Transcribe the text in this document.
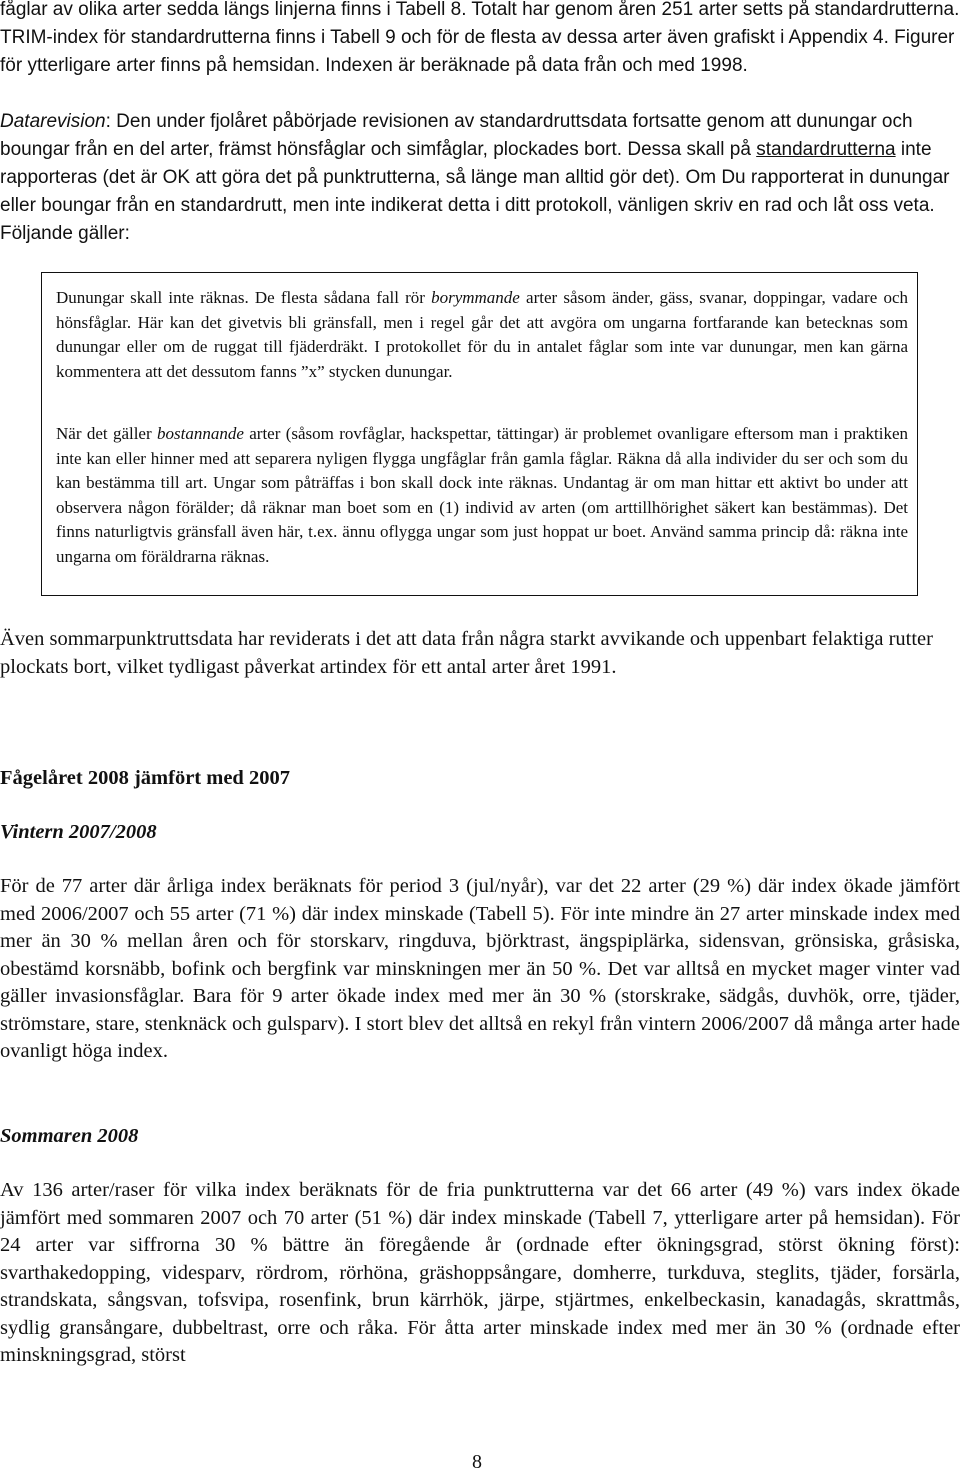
fåglar av olika arter sedda längs linjerna finns i Tabell 8. Totalt har genom åren 251 arter setts på standardrutterna. TRIM-index för standardrutterna finns i Tabell 9 och för de flesta av dessa arter även grafiskt i Appendix 4. Figurer för ytterligare arter finns på hemsidan. Indexen är beräknade på data från och med 1998.

Datarevision: Den under fjolåret påbörjade revisionen av standardruttsdata fortsatte genom att dunungar och boungar från en del arter, främst hönsfåglar och simfåglar, plockades bort. Dessa skall på standardrutterna inte rapporteras (det är OK att göra det på punktrutterna, så länge man alltid gör det). Om Du rapporterat in dunungar eller boungar från en standardrutt, men inte indikerat detta i ditt protokoll, vänligen skriv en rad och låt oss veta. Följande gäller:

Dunungar skall inte räknas. De flesta sådana fall rör borymmande arter såsom änder, gäss, svanar, doppingar, vadare och hönsfåglar. Här kan det givetvis bli gränsfall, men i regel går det att avgöra om ungarna fortfarande kan betecknas som dunungar eller om de ruggat till fjäderdräkt. I protokollet för du in antalet fåglar som inte var dunungar, men kan gärna kommentera att det dessutom fanns ”x” stycken dunungar.

När det gäller bostannande arter (såsom rovfåglar, hackspettar, tättingar) är problemet ovanligare eftersom man i praktiken inte kan eller hinner med att separera nyligen flygga ungfåglar från gamla fåglar. Räkna då alla individer du ser och som du kan bestämma till art. Ungar som påträffas i bon skall dock inte räknas. Undantag är om man hittar ett aktivt bo under att observera någon förälder; då räknar man boet som en (1) individ av arten (om arttillhörighet säkert kan bestämmas). Det finns naturligtvis gränsfall även här, t.ex. ännu oflygga ungar som just hoppat ur boet. Använd samma princip då: räkna inte ungarna om föräldrarna räknas.

Även sommarpunktruttsdata har reviderats i det att data från några starkt avvikande och uppenbart felaktiga rutter plockats bort, vilket tydligast påverkat artindex för ett antal arter året 1991.

Fågelåret 2008 jämfört med 2007
Vintern 2007/2008

För de 77 arter där årliga index beräknats för period 3 (jul/nyår), var det 22 arter (29 %) där index ökade jämfört med 2006/2007 och 55 arter (71 %) där index minskade (Tabell 5). För inte mindre än 27 arter minskade index med mer än 30 % mellan åren och för storskarv, ringduva, björktrast, ängspiplärka, sidensvan, grönsiska, gråsiska, obestämd korsnäbb, bofink och bergfink var minskningen mer än 50 %. Det var alltså en mycket mager vinter vad gäller invasionsfåglar. Bara för 9 arter ökade index med mer än 30 % (storskrake, sädgås, duvhök, orre, tjäder, strömstare, stare, stenknäck och gulsparv). I stort blev det alltså en rekyl från vintern 2006/2007 då många arter hade ovanligt höga index.

Sommaren 2008

Av 136 arter/raser för vilka index beräknats för de fria punktrutterna var det 66 arter (49 %) vars index ökade jämfört med sommaren 2007 och 70 arter (51 %) där index minskade (Tabell 7, ytterligare arter på hemsidan). För 24 arter var siffrorna 30 % bättre än föregående år (ordnade efter ökningsgrad, störst ökning först): svarthakedopping, videsparv, rördrom, rörhöna, gräshoppsångare, domherre, turkduva, steglits, tjäder, forsärla, strandskata, sångsvan, tofsvipa, rosenfink, brun kärrhök, järpe, stjärtmes, enkelbeckasin, kanadagås, skrattmås, sydlig gransångare, dubbeltrast, orre och råka. För åtta arter minskade index med mer än 30 % (ordnade efter minskningsgrad, störst

8
